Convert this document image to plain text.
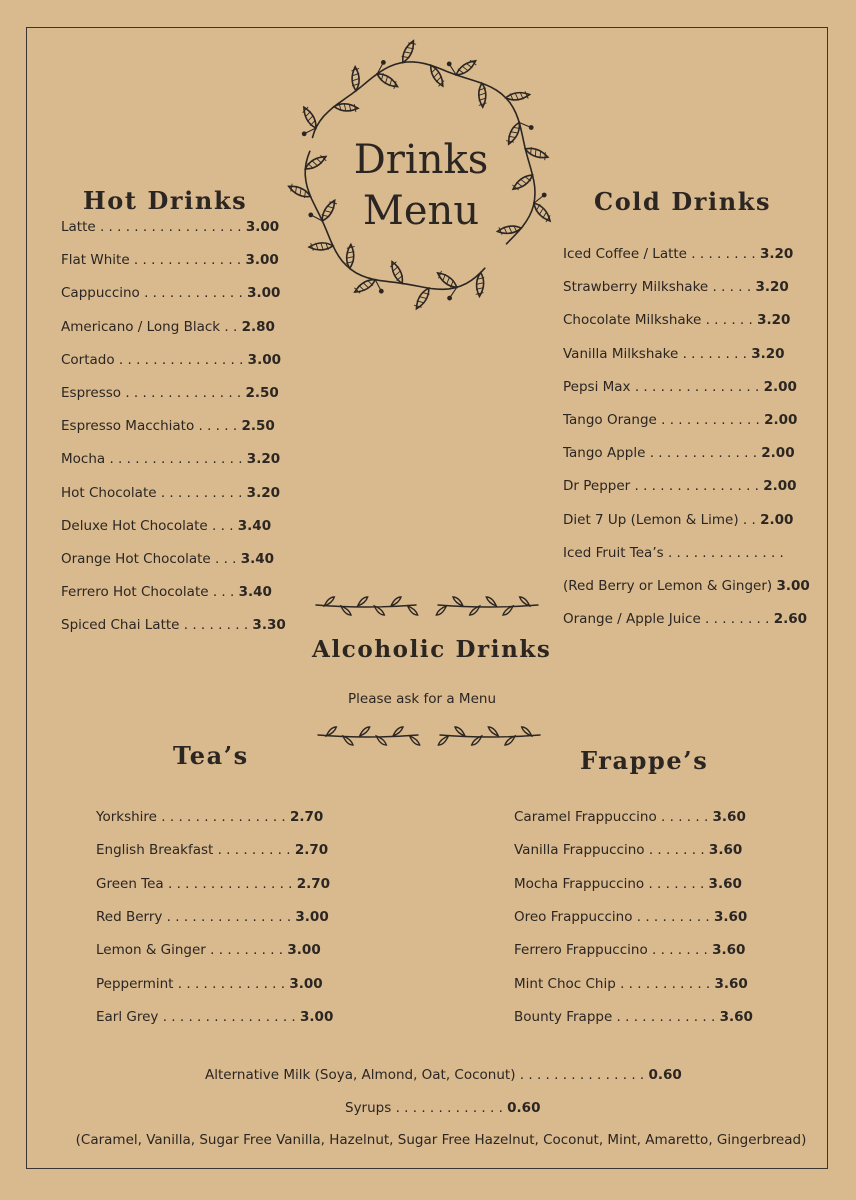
Drinks
Menu
Hot Drinks
Latte . . . . . . . . . . . . . . . . . 3.00
Flat White . . . . . . . . . . . . . 3.00
Cappuccino . . . . . . . . . . . . 3.00
Americano / Long Black . . 2.80
Cortado . . . . . . . . . . . . . . . 3.00
Espresso . . . . . . . . . . . . . . 2.50
Espresso Macchiato . . . . . 2.50
Mocha . . . . . . . . . . . . . . . . 3.20
Hot Chocolate . . . . . . . . . . 3.20
Deluxe Hot Chocolate . . . 3.40
Orange Hot Chocolate . . . 3.40
Ferrero Hot Chocolate . . . 3.40
Spiced Chai Latte . . . . . . . . 3.30
Cold Drinks
Iced Coffee / Latte . . . . . . . . 3.20
Strawberry Milkshake . . . . . 3.20
Chocolate Milkshake . . . . . . 3.20
Vanilla Milkshake . . . . . . . . 3.20
Pepsi Max . . . . . . . . . . . . . . . 2.00
Tango Orange . . . . . . . . . . . . 2.00
Tango Apple . . . . . . . . . . . . . 2.00
Dr Pepper . . . . . . . . . . . . . . . 2.00
Diet 7 Up (Lemon & Lime) . . 2.00
Iced Fruit Tea’s . . . . . . . . . . . . . .
(Red Berry or Lemon & Ginger) 3.00
Orange / Apple Juice . . . . . . . . 2.60
Alcoholic Drinks
Please ask for a Menu
Tea’s
Yorkshire . . . . . . . . . . . . . . . 2.70
English Breakfast . . . . . . . . . 2.70
Green Tea . . . . . . . . . . . . . . . 2.70
Red Berry . . . . . . . . . . . . . . . 3.00
Lemon & Ginger . . . . . . . . . 3.00
Peppermint . . . . . . . . . . . . . 3.00
Earl Grey . . . . . . . . . . . . . . . . 3.00
Frappe’s
Caramel Frappuccino . . . . . . 3.60
Vanilla Frappuccino . . . . . . . 3.60
Mocha Frappuccino . . . . . . . 3.60
Oreo Frappuccino . . . . . . . . . 3.60
Ferrero Frappuccino . . . . . . . 3.60
Mint Choc Chip . . . . . . . . . . . 3.60
Bounty Frappe . . . . . . . . . . . . 3.60
Alternative Milk (Soya, Almond, Oat, Coconut) . . . . . . . . . . . . . . . 0.60
Syrups . . . . . . . . . . . . . 0.60
(Caramel, Vanilla, Sugar Free Vanilla, Hazelnut, Sugar Free Hazelnut, Coconut, Mint, Amaretto, Gingerbread)
